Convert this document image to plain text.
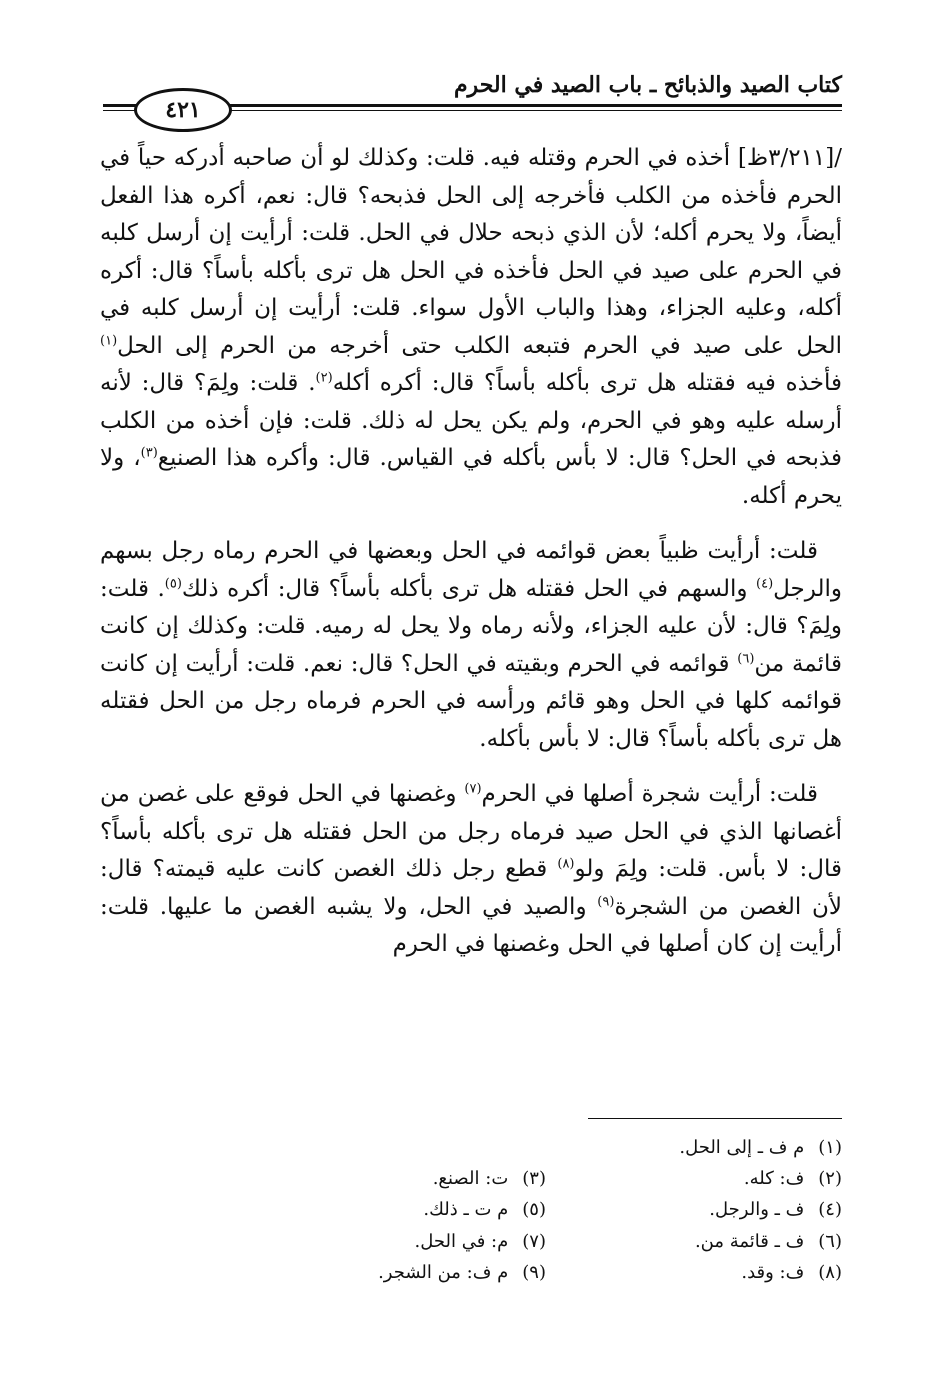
كتاب الصيد والذبائح ـ باب الصيد في الحرم
٤٢١

/[٣/٢١١ظ] أخذه في الحرم وقتله فيه. قلت: وكذلك لو أن صاحبه أدركه حياً في الحرم فأخذه من الكلب فأخرجه إلى الحل فذبحه؟ قال: نعم، أكره هذا الفعل أيضاً، ولا يحرم أكله؛ لأن الذي ذبحه حلال في الحل. قلت: أرأيت إن أرسل كلبه في الحرم على صيد في الحل فأخذه في الحل هل ترى بأكله بأساً؟ قال: أكره أكله، وعليه الجزاء، وهذا والباب الأول سواء. قلت: أرأيت إن أرسل كلبه في الحل على صيد في الحرم فتبعه الكلب حتى أخرجه من الحرم إلى الحل$^{(١)}$ فأخذه فيه فقتله هل ترى بأكله بأساً؟ قال: أكره أكله$^{(٢)}$. قلت: ولِمَ؟ قال: لأنه أرسله عليه وهو في الحرم، ولم يكن يحل له ذلك. قلت: فإن أخذه من الكلب فذبحه في الحل؟ قال: لا بأس بأكله في القياس. قال: وأكره هذا الصنيع$^{(٣)}$، ولا يحرم أكله.

قلت: أرأيت ظبياً بعض قوائمه في الحل وبعضها في الحرم رماه رجل بسهم والرجل$^{(٤)}$ والسهم في الحل فقتله هل ترى بأكله بأساً؟ قال: أكره ذلك$^{(٥)}$. قلت: ولِمَ؟ قال: لأن عليه الجزاء، ولأنه رماه ولا يحل له رميه. قلت: وكذلك إن كانت قائمة من$^{(٦)}$ قوائمه في الحرم وبقيته في الحل؟ قال: نعم. قلت: أرأيت إن كانت قوائمه كلها في الحل وهو قائم ورأسه في الحرم فرماه رجل من الحل فقتله هل ترى بأكله بأساً؟ قال: لا بأس بأكله.

قلت: أرأيت شجرة أصلها في الحرم$^{(٧)}$ وغصنها في الحل فوقع على غصن من أغصانها الذي في الحل صيد فرماه رجل من الحل فقتله هل ترى بأكله بأساً؟ قال: لا بأس. قلت: ولِمَ ولو$^{(٨)}$ قطع رجل ذلك الغصن كانت عليه قيمته؟ قال: لأن الغصن من الشجرة$^{(٩)}$ والصيد في الحل، ولا يشبه الغصن ما عليها. قلت: أرأيت إن كان أصلها في الحل وغصنها في الحرم

(١)م ف ـ إلى الحل.
(٢)ف: كله.
(٣)ت: الصنع.
(٤)ف ـ والرجل.
(٥)م ت ـ ذلك.
(٦)ف ـ قائمة من.
(٧)م: في الحل.
(٨)ف: وقد.
(٩)م ف: من الشجر.
